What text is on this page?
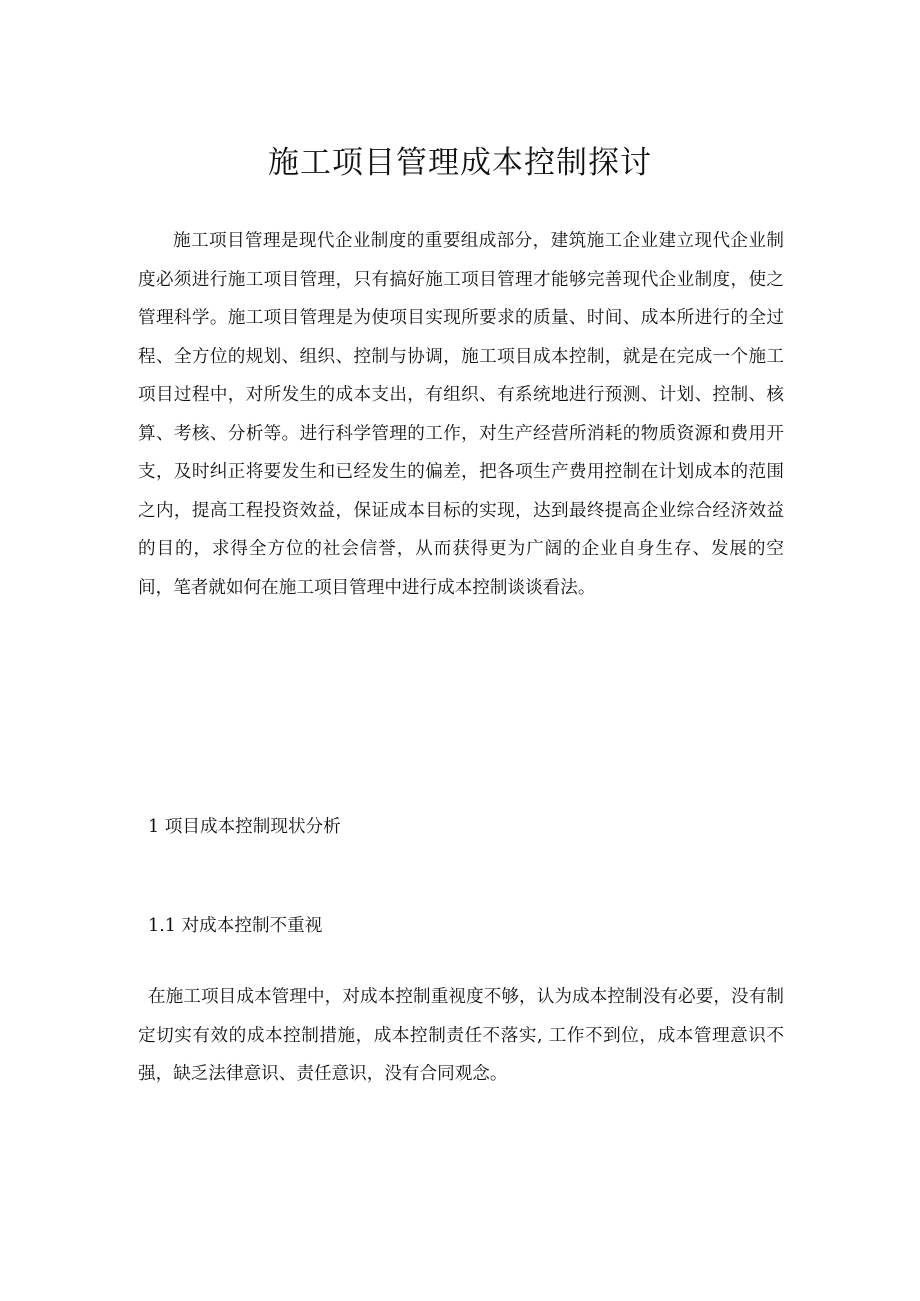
施工项目管理成本控制探讨

施工项目管理是现代企业制度的重要组成部分，建筑施工企业建立现代企业制度必须进行施工项目管理，只有搞好施工项目管理才能够完善现代企业制度，使之管理科学。施工项目管理是为使项目实现所要求的质量、时间、成本所进行的全过程、全方位的规划、组织、控制与协调，施工项目成本控制，就是在完成一个施工项目过程中，对所发生的成本支出，有组织、有系统地进行预测、计划、控制、核算、考核、分析等。进行科学管理的工作，对生产经营所消耗的物质资源和费用开支，及时纠正将要发生和已经发生的偏差，把各项生产费用控制在计划成本的范围之内，提高工程投资效益，保证成本目标的实现，达到最终提高企业综合经济效益的目的，求得全方位的社会信誉，从而获得更为广阔的企业自身生存、发展的空间，笔者就如何在施工项目管理中进行成本控制谈谈看法。

1 项目成本控制现状分析
1.1 对成本控制不重视

在施工项目成本管理中，对成本控制重视度不够，认为成本控制没有必要，没有制定切实有效的成本控制措施，成本控制责任不落实, 工作不到位，成本管理意识不强，缺乏法律意识、责任意识，没有合同观念。
